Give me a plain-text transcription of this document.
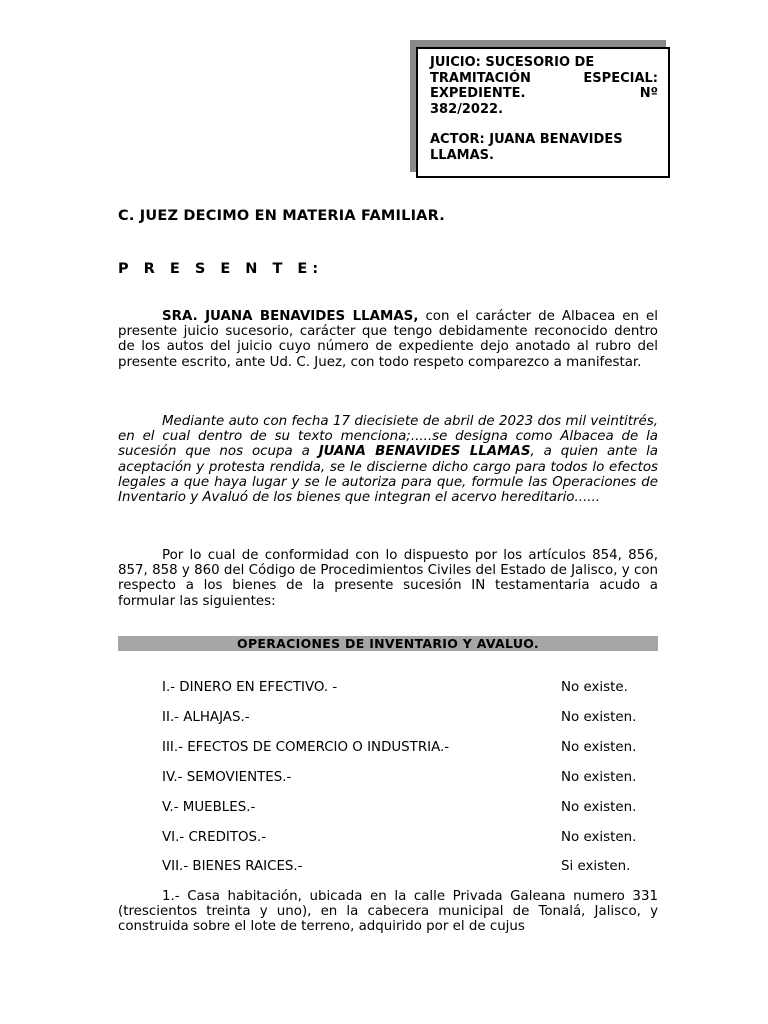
JUICIO: SUCESORIO DE
TRAMITACIÓN ESPECIAL:
EXPEDIENTE. Nº
382/2022.
ACTOR: JUANA BENAVIDES
LLAMAS.
C. JUEZ DECIMO EN MATERIA FAMILIAR.
P R E S E N T E:
SRA. JUANA BENAVIDES LLAMAS, con el carácter de Albacea en el presente juicio sucesorio, carácter que tengo debidamente reconocido dentro de los autos del juicio cuyo número de expediente dejo anotado al rubro del presente escrito, ante Ud. C. Juez, con todo respeto comparezco a manifestar.
Mediante auto con fecha 17 diecisiete de abril de 2023 dos mil veintitrés, en el cual dentro de su texto menciona;.....se designa como Albacea de la sucesión que nos ocupa a JUANA BENAVIDES LLAMAS, a quien ante la aceptación y protesta rendida, se le discierne dicho cargo para todos lo efectos legales a que haya lugar y se le autoriza para que, formule las Operaciones de Inventario y Avaluó de los bienes que integran el acervo hereditario......
Por lo cual de conformidad con lo dispuesto por los artículos 854, 856, 857, 858 y 860 del Código de Procedimientos Civiles del Estado de Jalisco, y con respecto a los bienes de la presente sucesión IN testamentaria acudo a formular las siguientes:
OPERACIONES DE INVENTARIO Y AVALUO.
I.- DINERO EN EFECTIVO. -	No existe.
II.- ALHAJAS.-	No existen.
III.- EFECTOS DE COMERCIO O INDUSTRIA.-	No existen.
IV.- SEMOVIENTES.-	No existen.
V.- MUEBLES.-	No existen.
VI.- CREDITOS.-	No existen.
VII.- BIENES RAICES.-	Si existen.
1.- Casa habitación, ubicada en la calle Privada Galeana numero 331 (trescientos treinta y uno), en la cabecera municipal de Tonalá, Jalisco, y construida sobre el lote de terreno, adquirido por el de cujus
